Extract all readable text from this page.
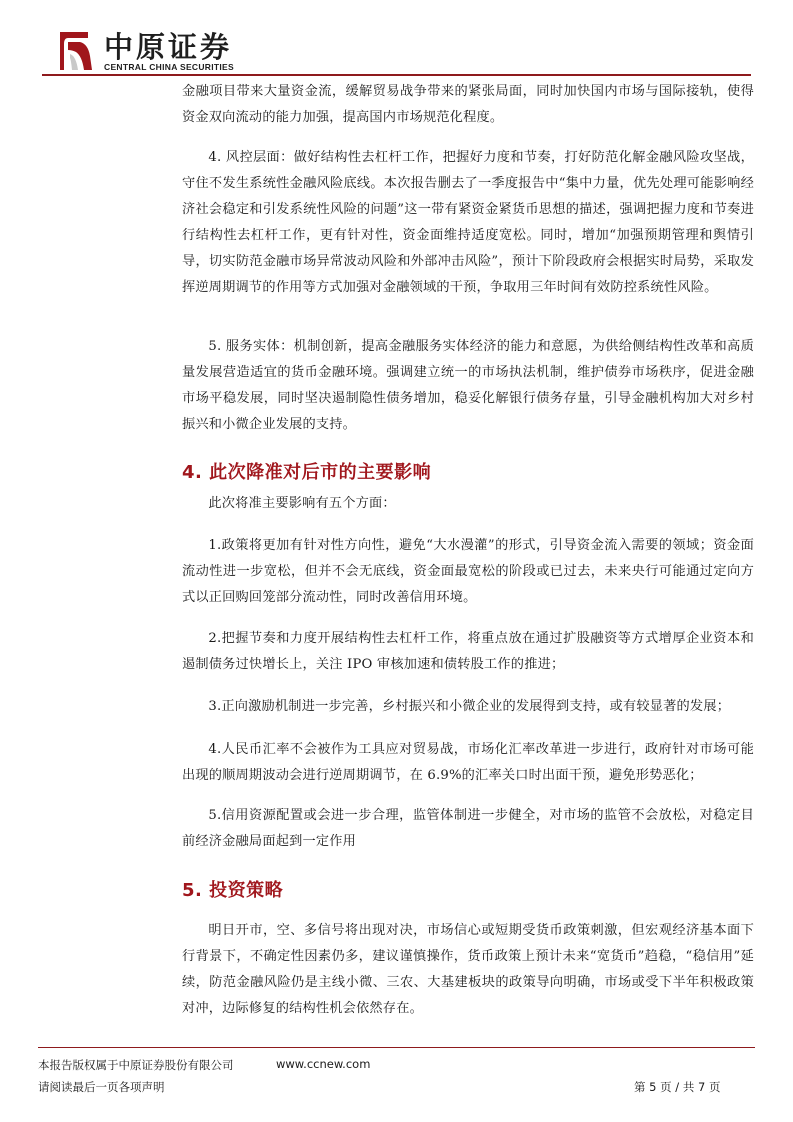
中原证券
CENTRAL CHINA SECURITIES

金融项目带来大量资金流，缓解贸易战争带来的紧张局面，同时加快国内市场与国际接轨，使得资金双向流动的能力加强，提高国内市场规范化程度。

4. 风控层面：做好结构性去杠杆工作，把握好力度和节奏，打好防范化解金融风险攻坚战，守住不发生系统性金融风险底线。本次报告删去了一季度报告中“集中力量，优先处理可能影响经济社会稳定和引发系统性风险的问题”这一带有紧资金紧货币思想的描述，强调把握力度和节奏进行结构性去杠杆工作，更有针对性，资金面维持适度宽松。同时，增加“加强预期管理和舆情引导，切实防范金融市场异常波动风险和外部冲击风险”，预计下阶段政府会根据实时局势，采取发挥逆周期调节的作用等方式加强对金融领域的干预，争取用三年时间有效防控系统性风险。

5. 服务实体：机制创新，提高金融服务实体经济的能力和意愿，为供给侧结构性改革和高质量发展营造适宜的货币金融环境。强调建立统一的市场执法机制，维护债券市场秩序，促进金融市场平稳发展，同时坚决遏制隐性债务增加，稳妥化解银行债务存量，引导金融机构加大对乡村振兴和小微企业发展的支持。

4. 此次降准对后市的主要影响

此次将准主要影响有五个方面：

1.政策将更加有针对性方向性，避免“大水漫灌”的形式，引导资金流入需要的领域；资金面流动性进一步宽松，但并不会无底线，资金面最宽松的阶段或已过去，未来央行可能通过定向方式以正回购回笼部分流动性，同时改善信用环境。

2.把握节奏和力度开展结构性去杠杆工作，将重点放在通过扩股融资等方式增厚企业资本和遏制债务过快增长上，关注 IPO 审核加速和债转股工作的推进；

3.正向激励机制进一步完善，乡村振兴和小微企业的发展得到支持，或有较显著的发展；

4.人民币汇率不会被作为工具应对贸易战，市场化汇率改革进一步进行，政府针对市场可能出现的顺周期波动会进行逆周期调节，在 6.9%的汇率关口时出面干预，避免形势恶化；

5.信用资源配置或会进一步合理，监管体制进一步健全，对市场的监管不会放松，对稳定目前经济金融局面起到一定作用

5. 投资策略

明日开市，空、多信号将出现对决，市场信心或短期受货币政策刺激，但宏观经济基本面下行背景下，不确定性因素仍多，建议谨慎操作，货币政策上预计未来“宽货币”趋稳，“稳信用”延续，防范金融风险仍是主线小微、三农、大基建板块的政策导向明确，市场或受下半年积极政策对冲，边际修复的结构性机会依然存在。

本报告版权属于中原证券股份有限公司	www.ccnew.com
请阅读最后一页各项声明	第 5 页 / 共 7 页
